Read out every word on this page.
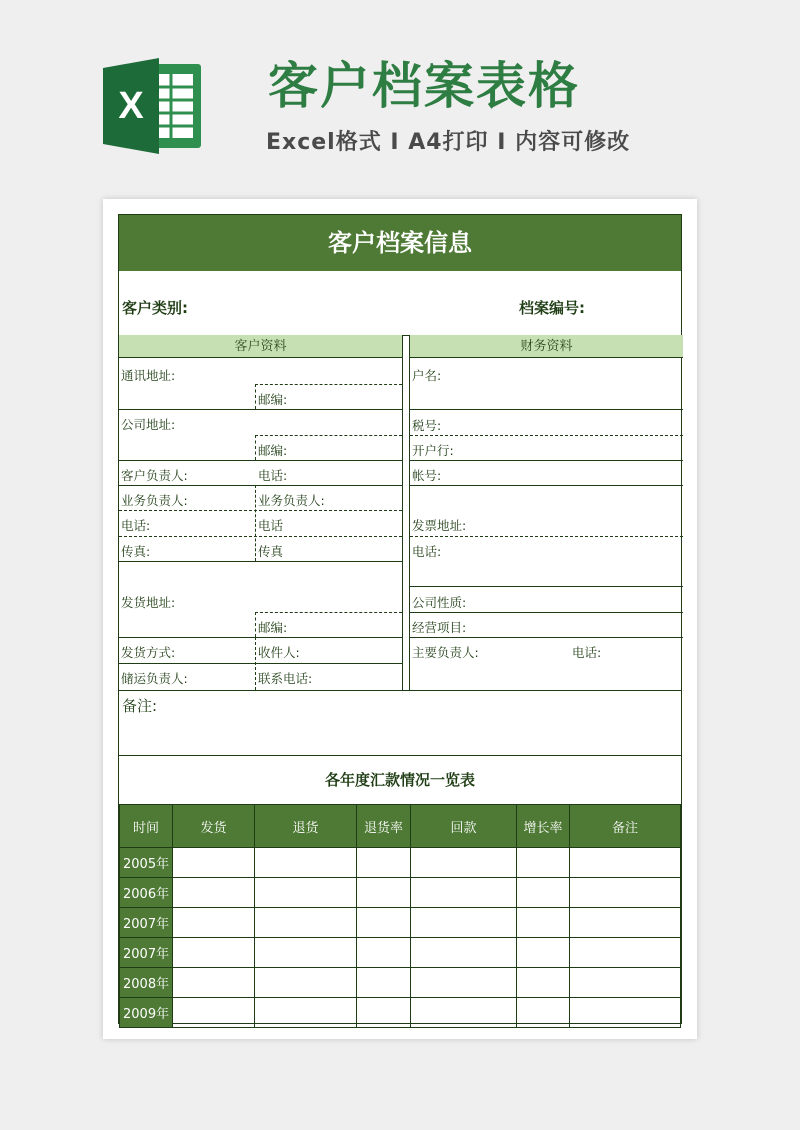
X 客户档案表格
Excel格式 I A4打印 I 内容可修改
客户档案信息
客户类别:	档案编号:
客户资料	财务资料
通讯地址:
邮编:
公司地址:
邮编:
客户负责人:	电话:
业务负责人:	业务负责人:
电话:	电话
传真:	传真
发货地址:
邮编:
发货方式:	收件人:
储运负责人:	联系电话:
户名:
税号:
开户行:
帐号:
发票地址:
电话:
公司性质:
经营项目:
主要负责人:	电话:
备注:
各年度汇款情况一览表
时间	发货	退货	退货率	回款	增长率	备注
2005年						
2006年						
2007年						
2007年						
2008年						
2009年						
